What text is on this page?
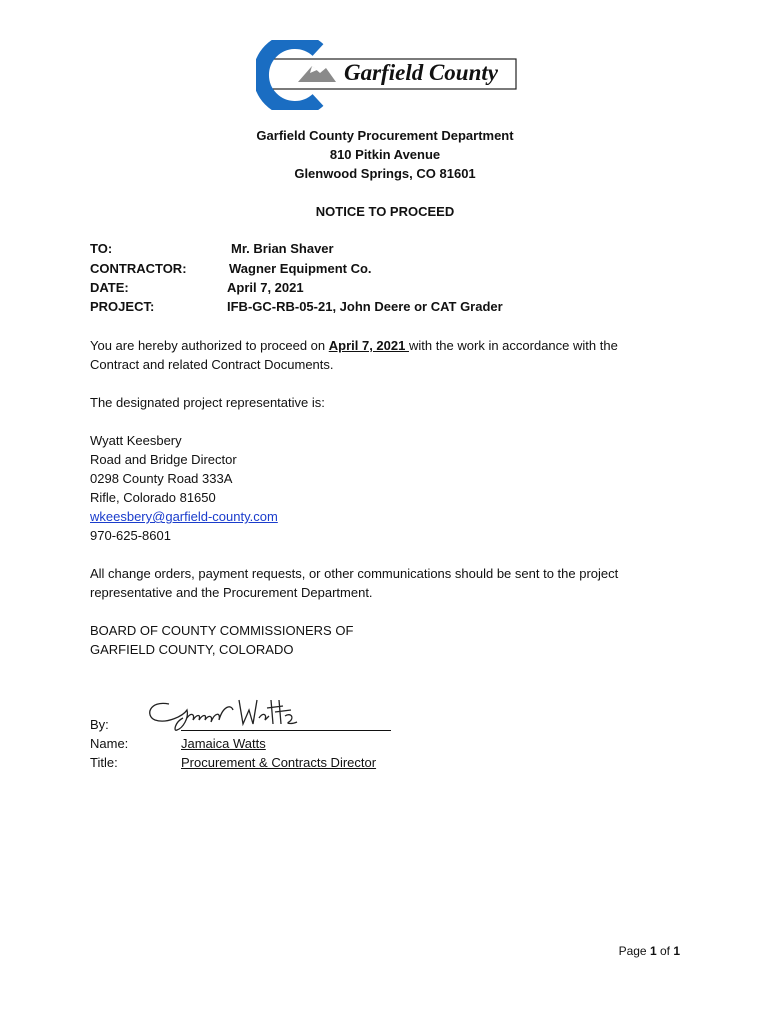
Garfield County
Garfield County Procurement Department
810 Pitkin Avenue
Glenwood Springs, CO 81601
NOTICE TO PROCEED
TO:	Mr. Brian Shaver
CONTRACTOR:	Wagner Equipment Co.
DATE:	April 7, 2021
PROJECT:	IFB-GC-RB-05-21, John Deere or CAT Grader
You are hereby authorized to proceed on April 7, 2021 with the work in accordance with the
Contract and related Contract Documents.
The designated project representative is:
Wyatt Keesbery
Road and Bridge Director
0298 County Road 333A
Rifle, Colorado 81650
wkeesbery@garfield-county.com
970-625-8601
All change orders, payment requests, or other communications should be sent to the project
representative and the Procurement Department.
BOARD OF COUNTY COMMISSIONERS OF
GARFIELD COUNTY, COLORADO
By:
Name:	Jamaica Watts
Title:	Procurement & Contracts Director
Page 1 of 1
